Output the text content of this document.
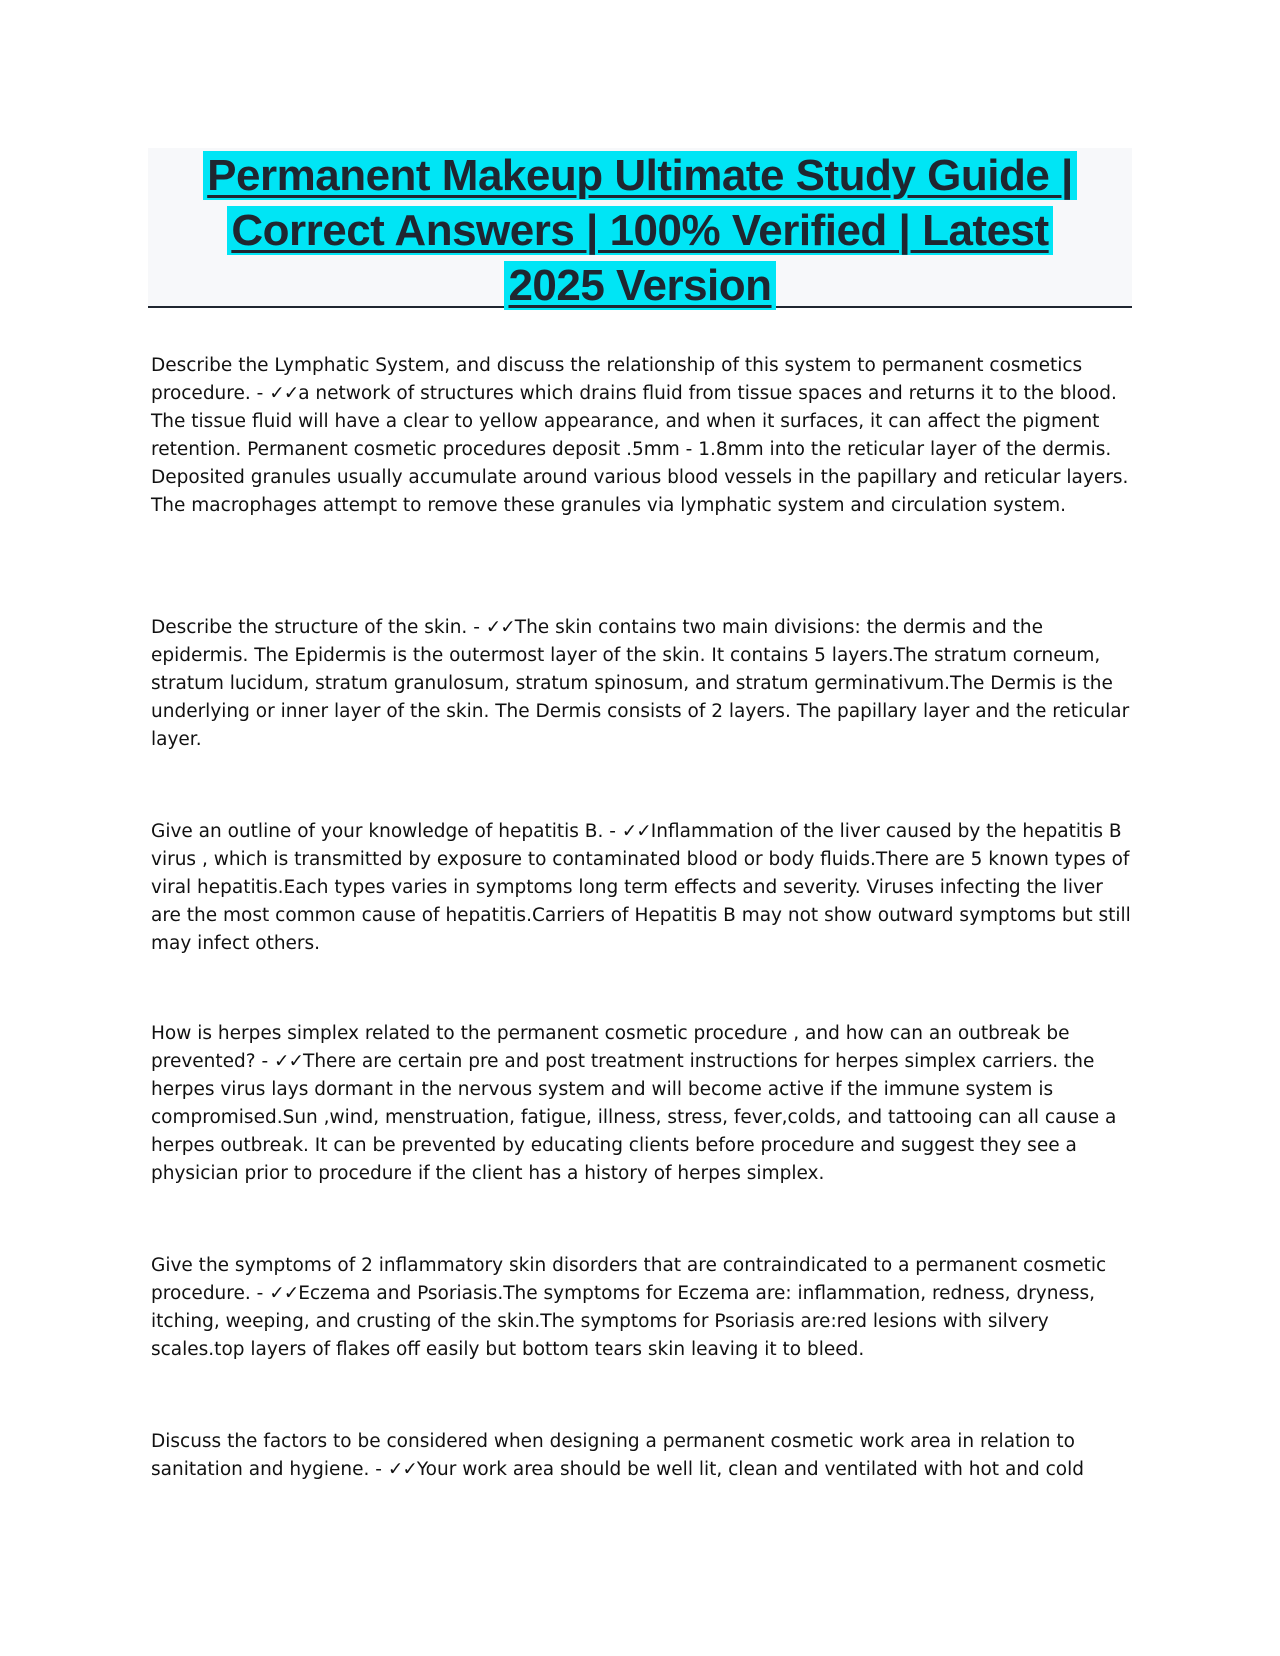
Permanent Makeup Ultimate Study Guide |
Correct Answers | 100% Verified | Latest
2025 Version

Describe the Lymphatic System, and discuss the relationship of this system to permanent cosmetics procedure. - ✓✓a network of structures which drains fluid from tissue spaces and returns it to the blood. The tissue fluid will have a clear to yellow appearance, and when it surfaces, it can affect the pigment retention. Permanent cosmetic procedures deposit .5mm - 1.8mm into the reticular layer of the dermis. Deposited granules usually accumulate around various blood vessels in the papillary and reticular layers. The macrophages attempt to remove these granules via lymphatic system and circulation system.

Describe the structure of the skin. - ✓✓The skin contains two main divisions: the dermis and the epidermis. The Epidermis is the outermost layer of the skin. It contains 5 layers.The stratum corneum, stratum lucidum, stratum granulosum, stratum spinosum, and stratum germinativum.The Dermis is the underlying or inner layer of the skin. The Dermis consists of 2 layers. The papillary layer and the reticular layer.

Give an outline of your knowledge of hepatitis B. - ✓✓Inflammation of the liver caused by the hepatitis B virus , which is transmitted by exposure to contaminated blood or body fluids.There are 5 known types of viral hepatitis.Each types varies in symptoms long term effects and severity. Viruses infecting the liver are the most common cause of hepatitis.Carriers of Hepatitis B may not show outward symptoms but still may infect others.

How is herpes simplex related to the permanent cosmetic procedure , and how can an outbreak be prevented? - ✓✓There are certain pre and post treatment instructions for herpes simplex carriers. the herpes virus lays dormant in the nervous system and will become active if the immune system is compromised.Sun ,wind, menstruation, fatigue, illness, stress, fever,colds, and tattooing can all cause a herpes outbreak. It can be prevented by educating clients before procedure and suggest they see a physician prior to procedure if the client has a history of herpes simplex.

Give the symptoms of 2 inflammatory skin disorders that are contraindicated to a permanent cosmetic procedure. - ✓✓Eczema and Psoriasis.The symptoms for Eczema are: inflammation, redness, dryness, itching, weeping, and crusting of the skin.The symptoms for Psoriasis are:red lesions with silvery scales.top layers of flakes off easily but bottom tears skin leaving it to bleed.

Discuss the factors to be considered when designing a permanent cosmetic work area in relation to sanitation and hygiene. - ✓✓Your work area should be well lit, clean and ventilated with hot and cold
